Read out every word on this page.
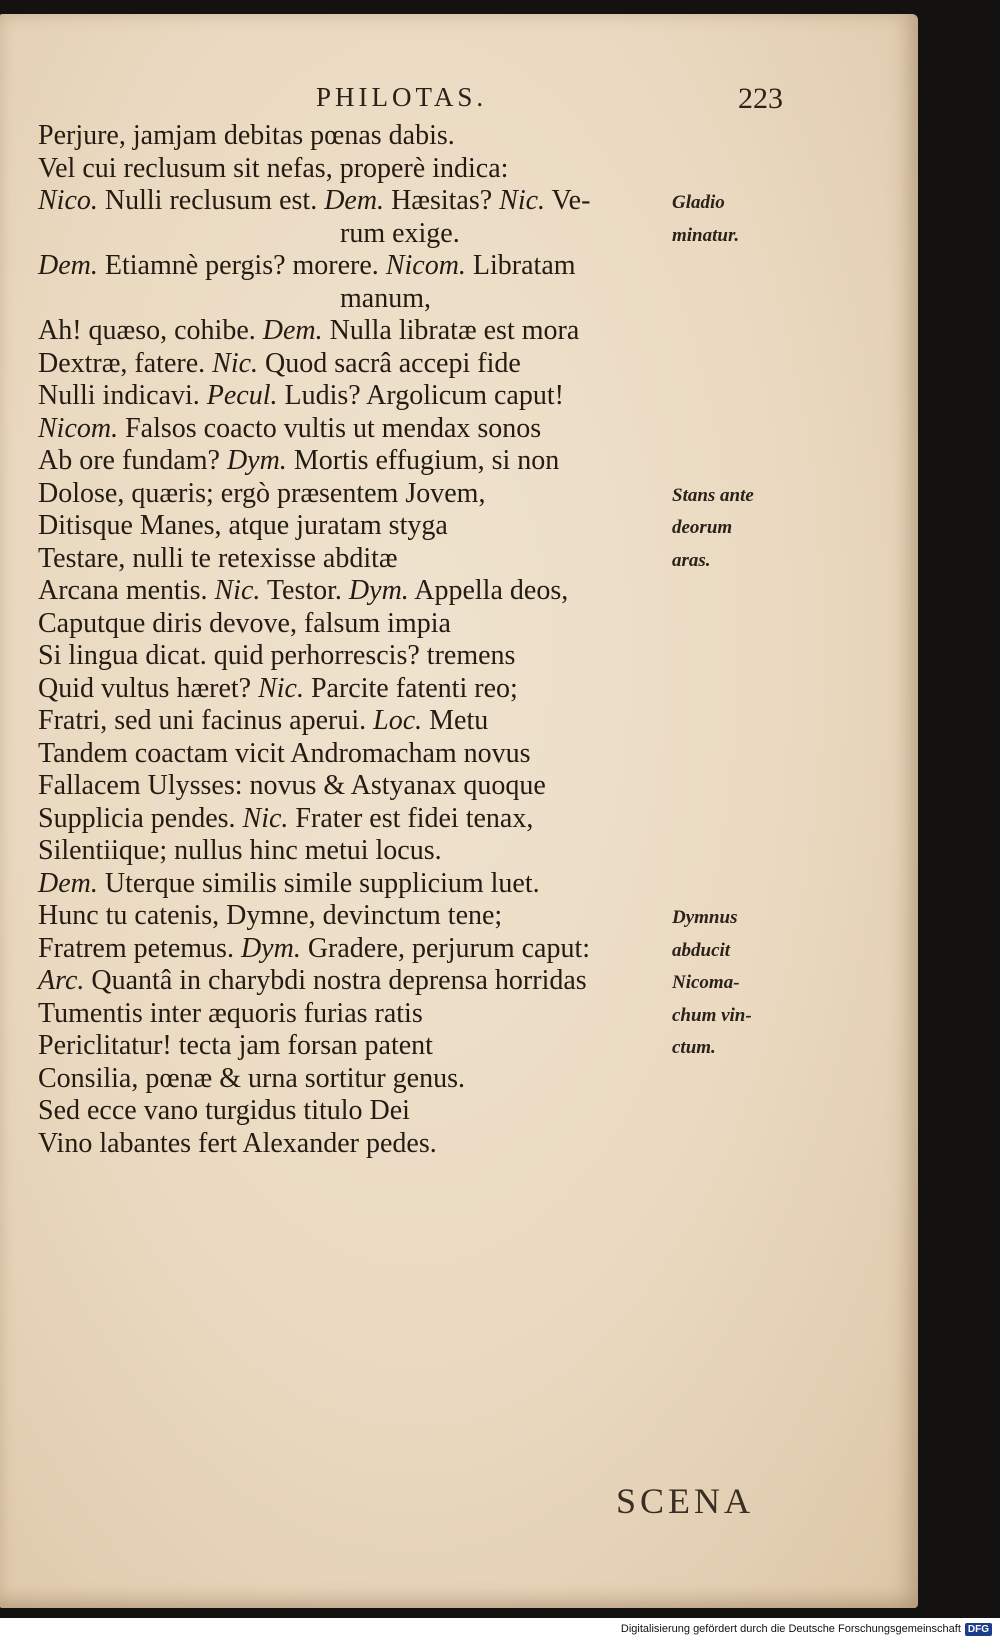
PHILOTAS.	223
Perjure, jamjam debitas pœnas dabis.
Vel cui reclusum sit nefas, properè indica:
Nico. Nulli reclusum est. Dem. Hæsitas? Nic. Ve-
rum exige.
Dem. Etiamnè pergis? morere. Nicom. Libratam
manum,
Ah! quæso, cohibe. Dem. Nulla libratæ est mora
Dextræ, fatere. Nic. Quod sacrâ accepi fide
Nulli indicavi. Pecul. Ludis? Argolicum caput!
Nicom. Falsos coacto vultis ut mendax sonos
Ab ore fundam? Dym. Mortis effugium, si non
Dolose, quæris; ergò præsentem Jovem,
Ditisque Manes, atque juratam styga
Testare, nulli te retexisse abditæ
Arcana mentis. Nic. Testor. Dym. Appella deos,
Caputque diris devove, falsum impia
Si lingua dicat. quid perhorrescis? tremens
Quid vultus hæret? Nic. Parcite fatenti reo;
Fratri, sed uni facinus aperui. Loc. Metu
Tandem coactam vicit Andromacham novus
Fallacem Ulysses: novus & Astyanax quoque
Supplicia pendes. Nic. Frater est fidei tenax,
Silentiique; nullus hinc metui locus.
Dem. Uterque similis simile supplicium luet.
Hunc tu catenis, Dymne, devinctum tene;
Fratrem petemus. Dym. Gradere, perjurum caput:
Arc. Quantâ in charybdi nostra deprensa horridas
Tumentis inter æquoris furias ratis
Periclitatur! tecta jam forsan patent
Consilia, pœnæ & urna sortitur genus.
Sed ecce vano turgidus titulo Dei
Vino labantes fert Alexander pedes.
Gladio
minatur.
Stans ante
deorum
aras.
Dymnus
abducit
Nicoma-
chum vin-
ctum.
SCENA
Digitalisierung gefördert durch die Deutsche Forschungsgemeinschaft DFG
